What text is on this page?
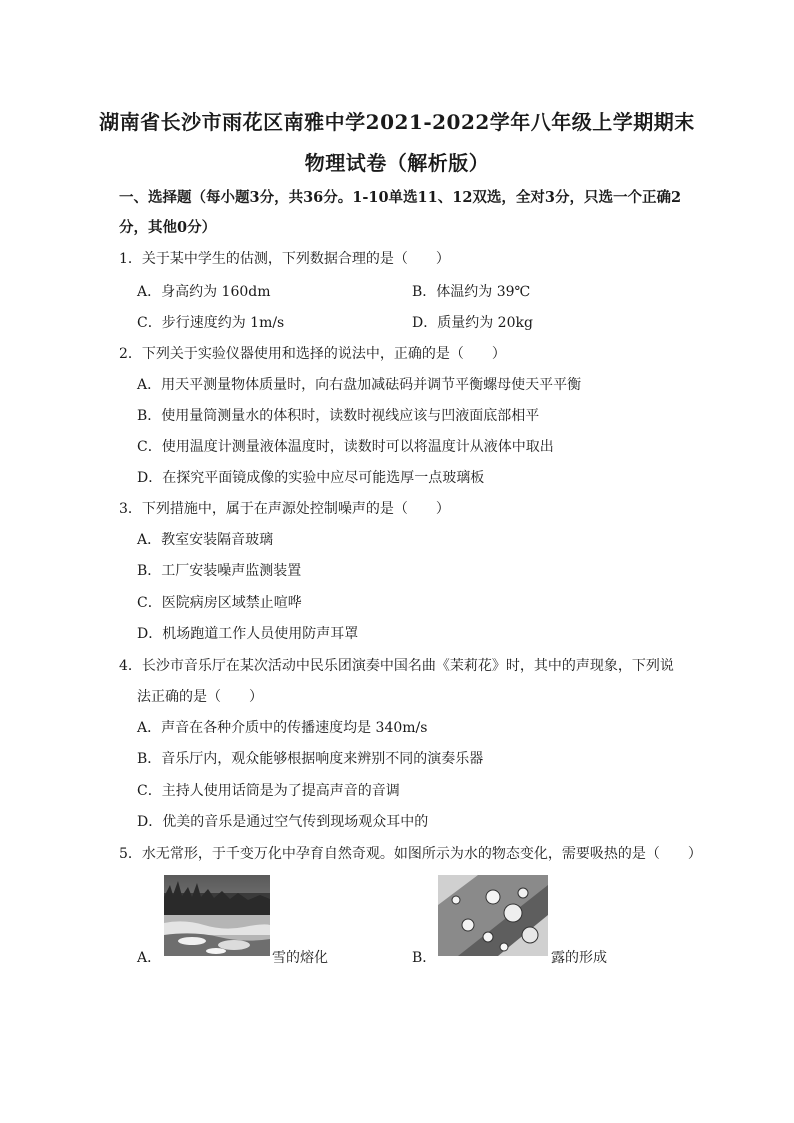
湖南省长沙市雨花区南雅中学2021-2022学年八年级上学期期末
物理试卷（解析版）
一、选择题（每小题3分，共36分。1-10单选11、12双选，全对3分，只选一个正确2
分，其他0分）
1．关于某中学生的估测，下列数据合理的是（　　）
A．身高约为 160dm	B．体温约为 39℃
C．步行速度约为 1m/s	D．质量约为 20kg
2．下列关于实验仪器使用和选择的说法中，正确的是（　　）
A．用天平测量物体质量时，向右盘加减砝码并调节平衡螺母使天平平衡
B．使用量筒测量水的体积时，读数时视线应该与凹液面底部相平
C．使用温度计测量液体温度时，读数时可以将温度计从液体中取出
D．在探究平面镜成像的实验中应尽可能选厚一点玻璃板
3．下列措施中，属于在声源处控制噪声的是（　　）
A．教室安装隔音玻璃
B．工厂安装噪声监测装置
C．医院病房区域禁止喧哗
D．机场跑道工作人员使用防声耳罩
4．长沙市音乐厅在某次活动中民乐团演奏中国名曲《茉莉花》时，其中的声现象，下列说
法正确的是（　　）
A．声音在各种介质中的传播速度均是 340m/s
B．音乐厅内，观众能够根据响度来辨别不同的演奏乐器
C．主持人使用话筒是为了提高声音的音调
D．优美的音乐是通过空气传到现场观众耳中的
5．水无常形，于千变万化中孕育自然奇观。如图所示为水的物态变化，需要吸热的是（　　）
A．	雪的熔化	B．	露的形成
